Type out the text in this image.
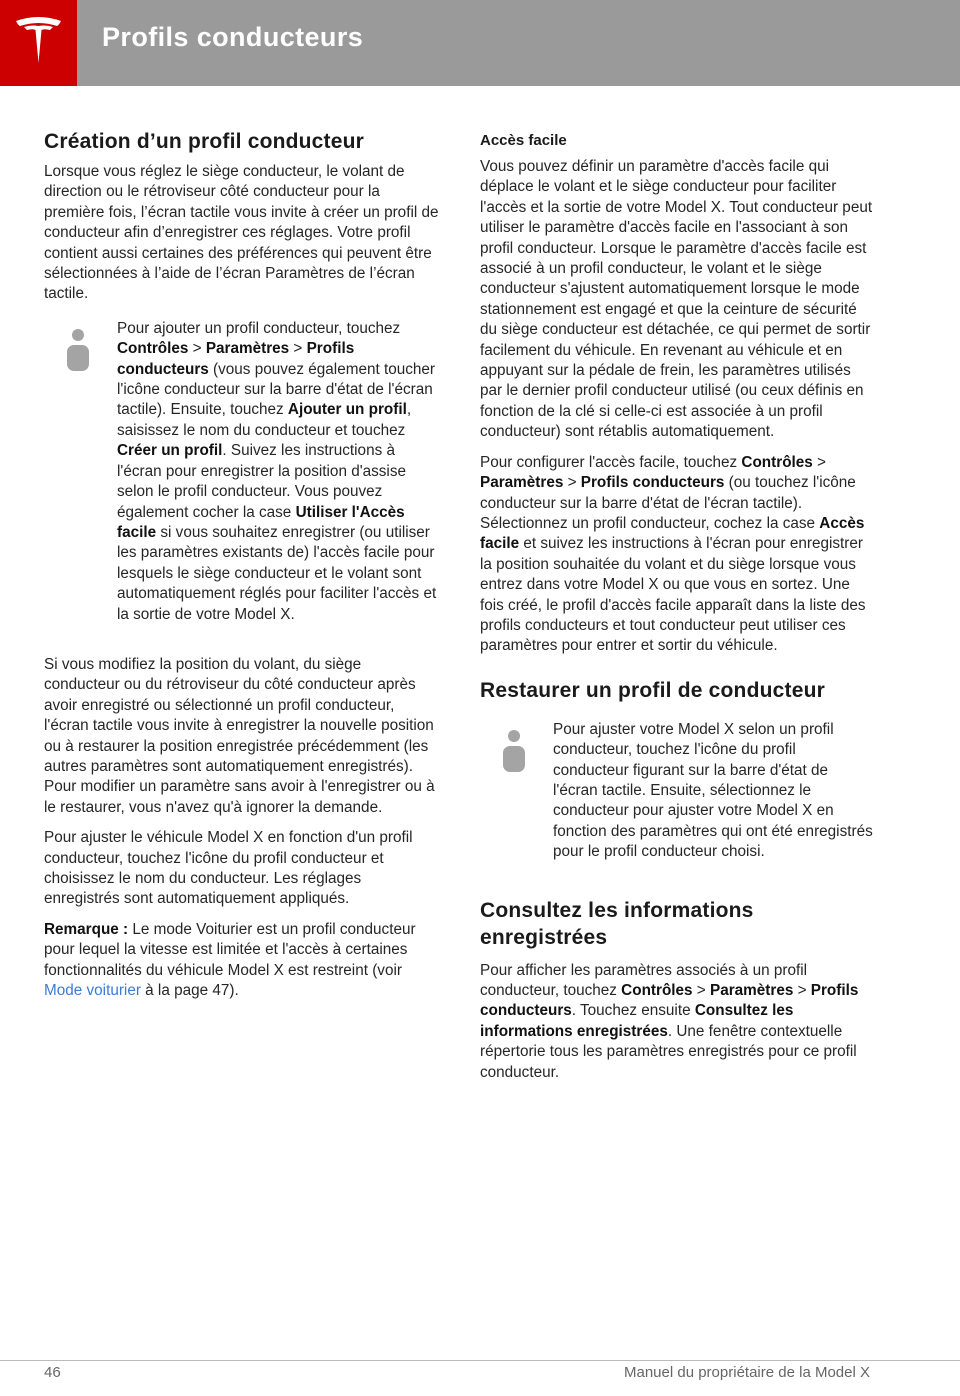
Profils conducteurs
Création d’un profil conducteur

Lorsque vous réglez le siège conducteur, le volant de direction ou le rétroviseur côté conducteur pour la première fois, l’écran tactile vous invite à créer un profil de conducteur afin d’enregistrer ces réglages. Votre profil contient aussi certaines des préférences qui peuvent être sélectionnées à l’aide de l’écran Paramètres de l’écran tactile.

Pour ajouter un profil conducteur, touchez Contrôles > Paramètres > Profils conducteurs (vous pouvez également toucher l'icône conducteur sur la barre d'état de l'écran tactile). Ensuite, touchez Ajouter un profil, saisissez le nom du conducteur et touchez Créer un profil. Suivez les instructions à l'écran pour enregistrer la position d'assise selon le profil conducteur. Vous pouvez également cocher la case Utiliser l'Accès facile si vous souhaitez enregistrer (ou utiliser les paramètres existants de) l'accès facile pour lesquels le siège conducteur et le volant sont automatiquement réglés pour faciliter l'accès et la sortie de votre Model X.

Si vous modifiez la position du volant, du siège conducteur ou du rétroviseur du côté conducteur après avoir enregistré ou sélectionné un profil conducteur, l'écran tactile vous invite à enregistrer la nouvelle position ou à restaurer la position enregistrée précédemment (les autres paramètres sont automatiquement enregistrés). Pour modifier un paramètre sans avoir à l'enregistrer ou à le restaurer, vous n'avez qu'à ignorer la demande.

Pour ajuster le véhicule Model X en fonction d'un profil conducteur, touchez l'icône du profil conducteur et choisissez le nom du conducteur. Les réglages enregistrés sont automatiquement appliqués.

Remarque : Le mode Voiturier est un profil conducteur pour lequel la vitesse est limitée et l'accès à certaines fonctionnalités du véhicule Model X est restreint (voir Mode voiturier à la page 47).

Accès facile

Vous pouvez définir un paramètre d'accès facile qui déplace le volant et le siège conducteur pour faciliter l'accès et la sortie de votre Model X. Tout conducteur peut utiliser le paramètre d'accès facile en l'associant à son profil conducteur. Lorsque le paramètre d'accès facile est associé à un profil conducteur, le volant et le siège conducteur s'ajustent automatiquement lorsque le mode stationnement est engagé et que la ceinture de sécurité du siège conducteur est détachée, ce qui permet de sortir facilement du véhicule. En revenant au véhicule et en appuyant sur la pédale de frein, les paramètres utilisés par le dernier profil conducteur utilisé (ou ceux définis en fonction de la clé si celle-ci est associée à un profil conducteur) sont rétablis automatiquement.

Pour configurer l'accès facile, touchez Contrôles > Paramètres > Profils conducteurs (ou touchez l'icône conducteur sur la barre d'état de l'écran tactile). Sélectionnez un profil conducteur, cochez la case Accès facile et suivez les instructions à l'écran pour enregistrer la position souhaitée du volant et du siège lorsque vous entrez dans votre Model X ou que vous en sortez. Une fois créé, le profil d'accès facile apparaît dans la liste des profils conducteurs et tout conducteur peut utiliser ces paramètres pour entrer et sortir du véhicule.

Restaurer un profil de conducteur

Pour ajuster votre Model X selon un profil conducteur, touchez l'icône du profil conducteur figurant sur la barre d'état de l'écran tactile. Ensuite, sélectionnez le conducteur pour ajuster votre Model X en fonction des paramètres qui ont été enregistrés pour le profil conducteur choisi.

Consultez les informations enregistrées

Pour afficher les paramètres associés à un profil conducteur, touchez Contrôles > Paramètres > Profils conducteurs. Touchez ensuite Consultez les informations enregistrées. Une fenêtre contextuelle répertorie tous les paramètres enregistrés pour ce profil conducteur.

46	Manuel du propriétaire de la Model X
